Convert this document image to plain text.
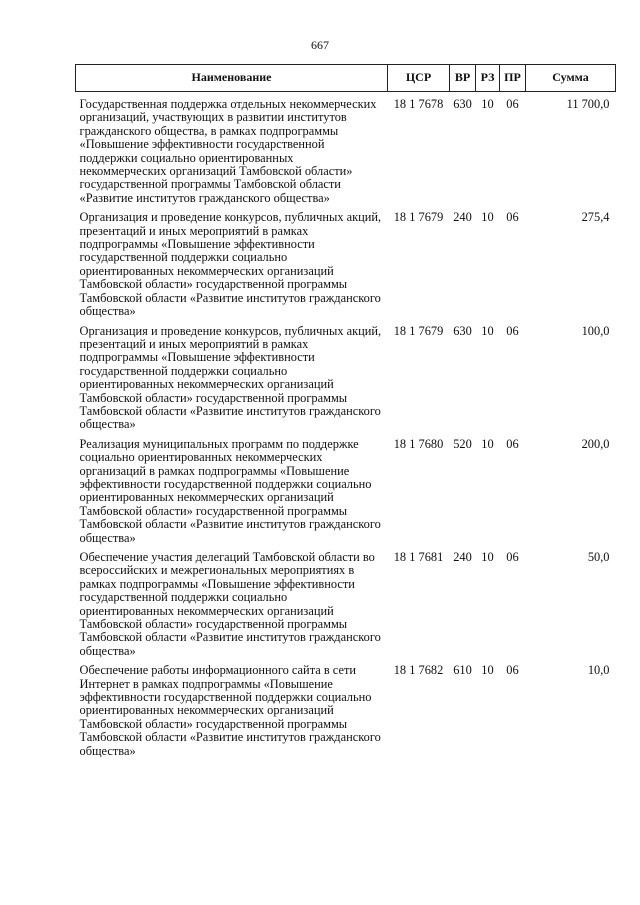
667
Наименование	ЦСР	ВР	РЗ	ПР	Сумма
Государственная поддержка отдельных некоммерческих организаций, участвующих в развитии институтов гражданского общества, в рамках подпрограммы «Повышение эффективности государственной поддержки социально ориентированных некоммерческих организаций Тамбовской области» государственной программы Тамбовской области «Развитие институтов гражданского общества»	18 1 7678	630	10	06	11 700,0
Организация и проведение конкурсов, публичных акций, презентаций и иных мероприятий в рамках подпрограммы «Повышение эффективности государственной поддержки социально ориентированных некоммерческих организаций Тамбовской области» государственной программы Тамбовской области «Развитие институтов гражданского общества»	18 1 7679	240	10	06	275,4
Организация и проведение конкурсов, публичных акций, презентаций и иных мероприятий в рамках подпрограммы «Повышение эффективности государственной поддержки социально ориентированных некоммерческих организаций Тамбовской области» государственной программы Тамбовской области «Развитие институтов гражданского общества»	18 1 7679	630	10	06	100,0
Реализация муниципальных программ по поддержке социально ориентированных некоммерческих организаций в рамках подпрограммы «Повышение эффективности государственной поддержки социально ориентированных некоммерческих организаций Тамбовской области» государственной программы Тамбовской области «Развитие институтов гражданского общества»	18 1 7680	520	10	06	200,0
Обеспечение участия делегаций Тамбовской области во всероссийских и межрегиональных мероприятиях в рамках подпрограммы «Повышение эффективности государственной поддержки социально ориентированных некоммерческих организаций Тамбовской области» государственной программы Тамбовской области «Развитие институтов гражданского общества»	18 1 7681	240	10	06	50,0
Обеспечение работы информационного сайта в сети Интернет в рамках подпрограммы «Повышение эффективности государственной поддержки социально ориентированных некоммерческих организаций Тамбовской области» государственной программы Тамбовской области «Развитие институтов гражданского общества»	18 1 7682	610	10	06	10,0
